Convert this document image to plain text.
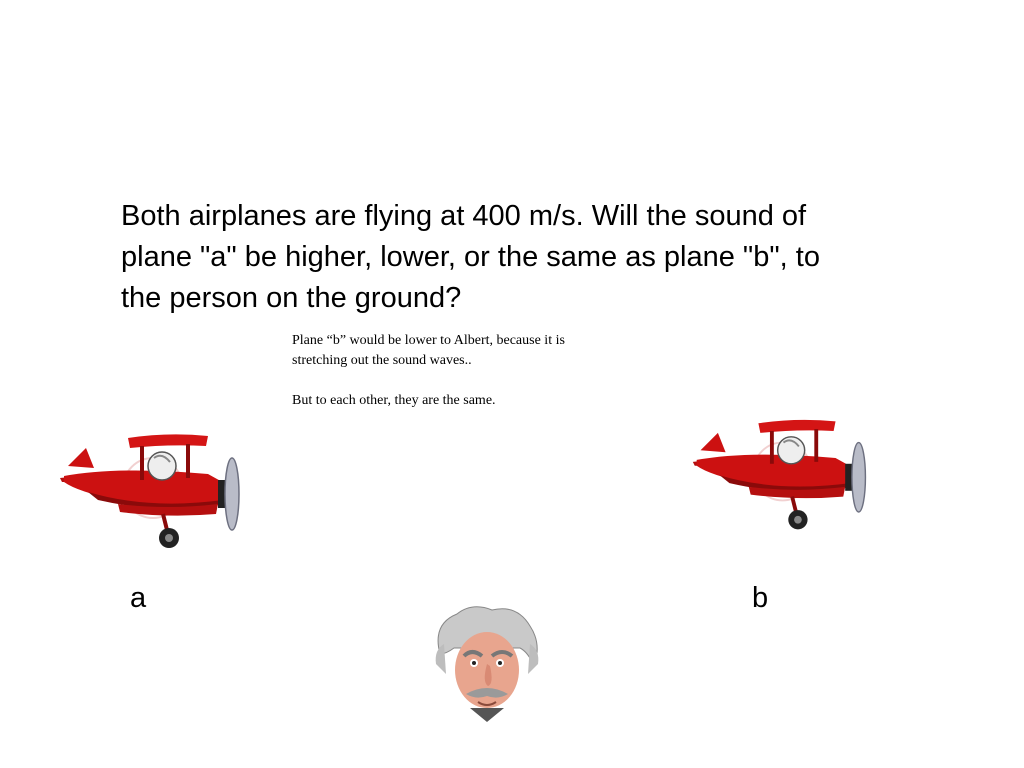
Both airplanes are flying at 400 m/s. Will the sound of
plane "a" be higher, lower, or the same as plane "b", to
the person on the ground?
Plane “b” would be lower to Albert, because it is
stretching out the sound waves..
But to each other, they are the same.
a	b
